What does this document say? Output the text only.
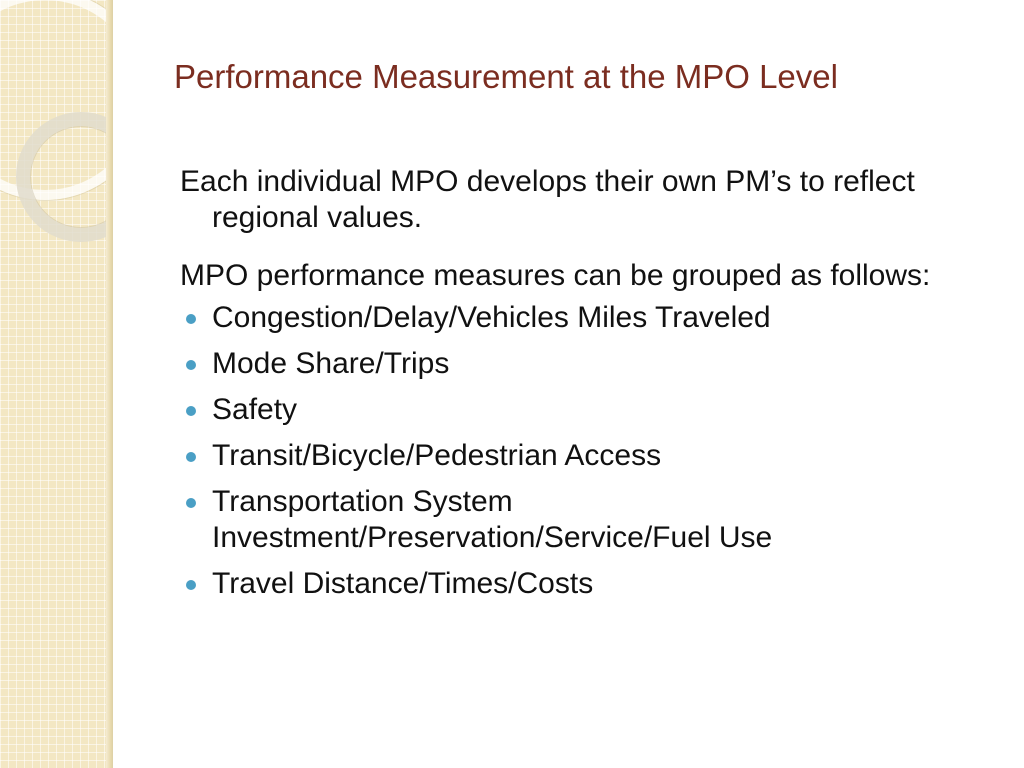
Performance Measurement at the MPO Level

Each individual MPO develops their own PM’s to reflect regional values.

MPO performance measures can be grouped as follows:

Congestion/Delay/Vehicles Miles Traveled
Mode Share/Trips
Safety
Transit/Bicycle/Pedestrian Access
Transportation System Investment/Preservation/Service/Fuel Use
Travel Distance/Times/Costs
